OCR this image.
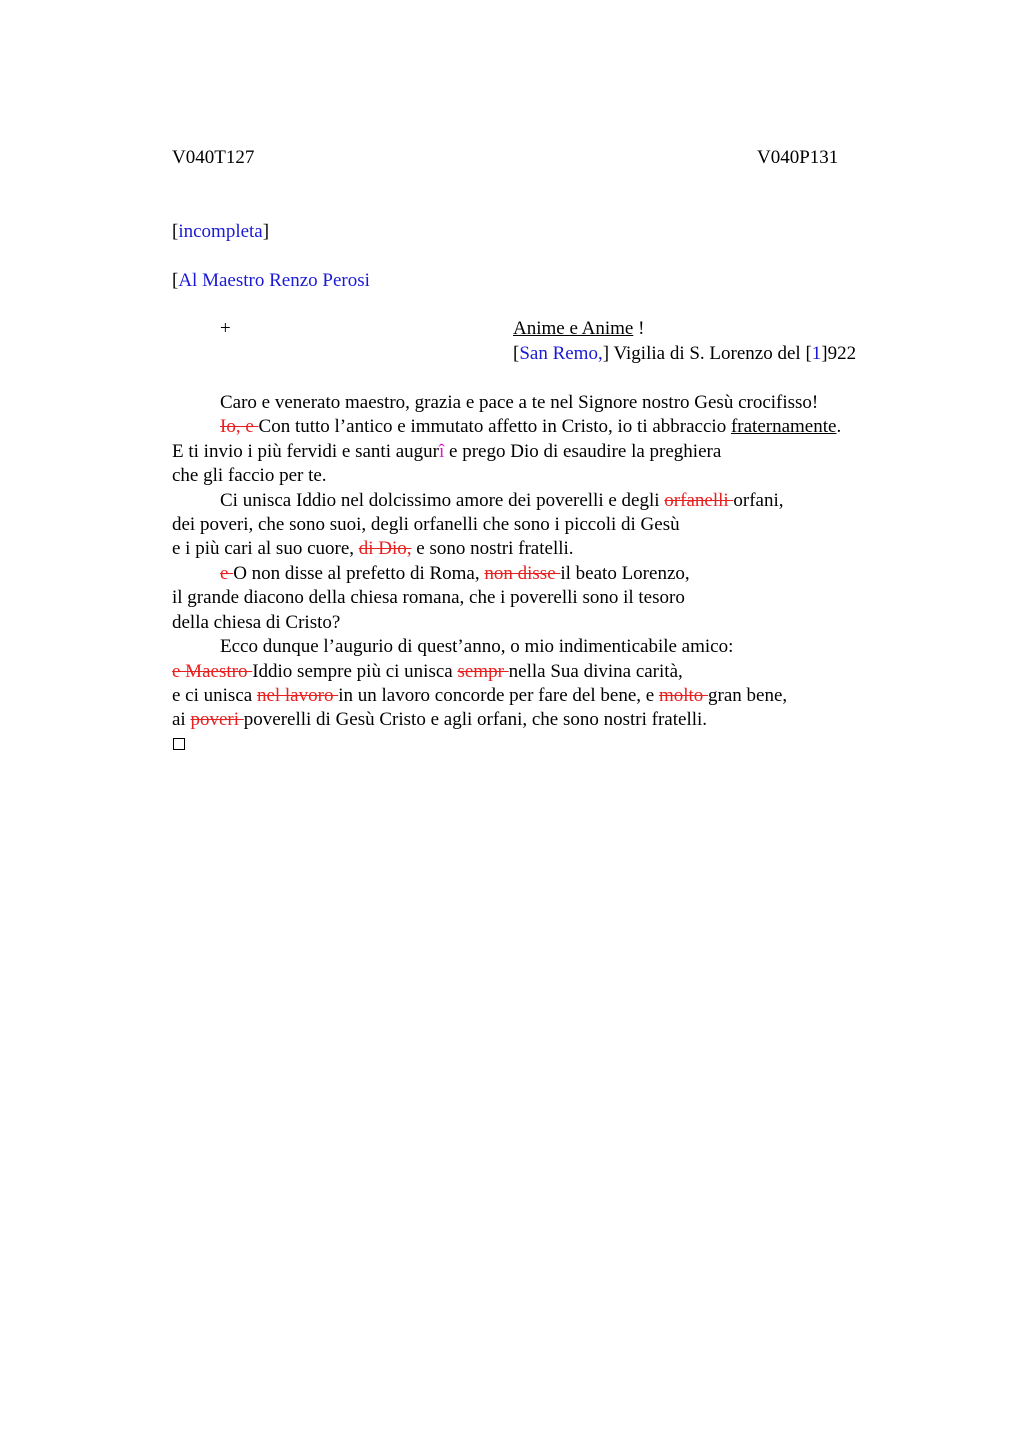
V040T127	V040P131
[incompleta]
[Al Maestro Renzo Perosi
+	Anime e Anime !
[San Remo,] Vigilia di S. Lorenzo del [1]922
Caro e venerato maestro, grazia e pace a te nel Signore nostro Gesù crocifisso!
Io, e Con tutto l’antico e immutato affetto in Cristo, io ti abbraccio fraternamente.
E ti invio i più fervidi e santi augurî e prego Dio di esaudire la preghiera
che gli faccio per te.
Ci unisca Iddio nel dolcissimo amore dei poverelli e degli orfanelli orfani,
dei poveri, che sono suoi, degli orfanelli che sono i piccoli di Gesù
e i più cari al suo cuore, di Dio, e sono nostri fratelli.
e O non disse al prefetto di Roma, non disse il beato Lorenzo,
il grande diacono della chiesa romana, che i poverelli sono il tesoro
della chiesa di Cristo?
Ecco dunque l’augurio di quest’anno, o mio indimenticabile amico:
e Maestro Iddio sempre più ci unisca sempr nella Sua divina carità,
e ci unisca nel lavoro in un lavoro concorde per fare del bene, e molto gran bene,
ai poveri poverelli di Gesù Cristo e agli orfani, che sono nostri fratelli.
